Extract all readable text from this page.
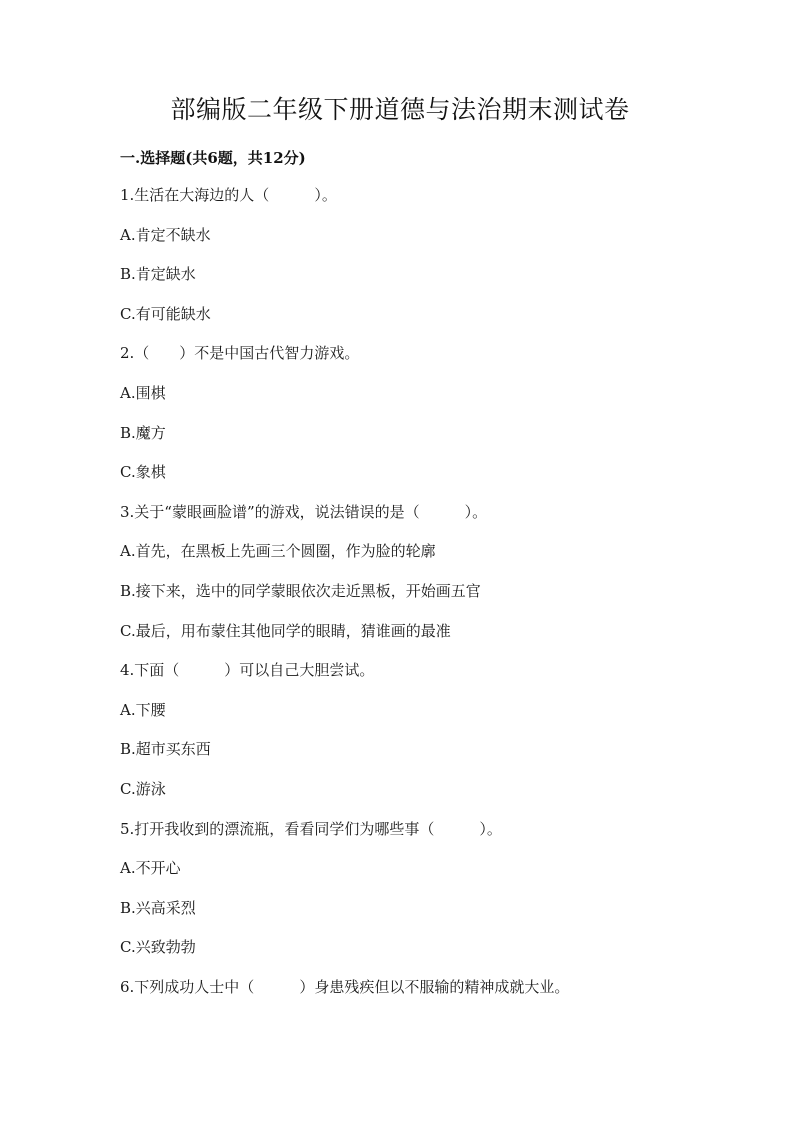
部编版二年级下册道德与法治期末测试卷
一.选择题(共6题，共12分)
1.生活在大海边的人（　　　）。
A.肯定不缺水
B.肯定缺水
C.有可能缺水
2.（　　）不是中国古代智力游戏。
A.围棋
B.魔方
C.象棋
3.关于“蒙眼画脸谱”的游戏，说法错误的是（　　　）。
A.首先，在黑板上先画三个圆圈，作为脸的轮廓
B.接下来，选中的同学蒙眼依次走近黑板，开始画五官
C.最后，用布蒙住其他同学的眼睛，猜谁画的最准
4.下面（　　　）可以自己大胆尝试。
A.下腰
B.超市买东西
C.游泳
5.打开我收到的漂流瓶，看看同学们为哪些事（　　　）。
A.不开心
B.兴高采烈
C.兴致勃勃
6.下列成功人士中（　　　）身患残疾但以不服输的精神成就大业。
